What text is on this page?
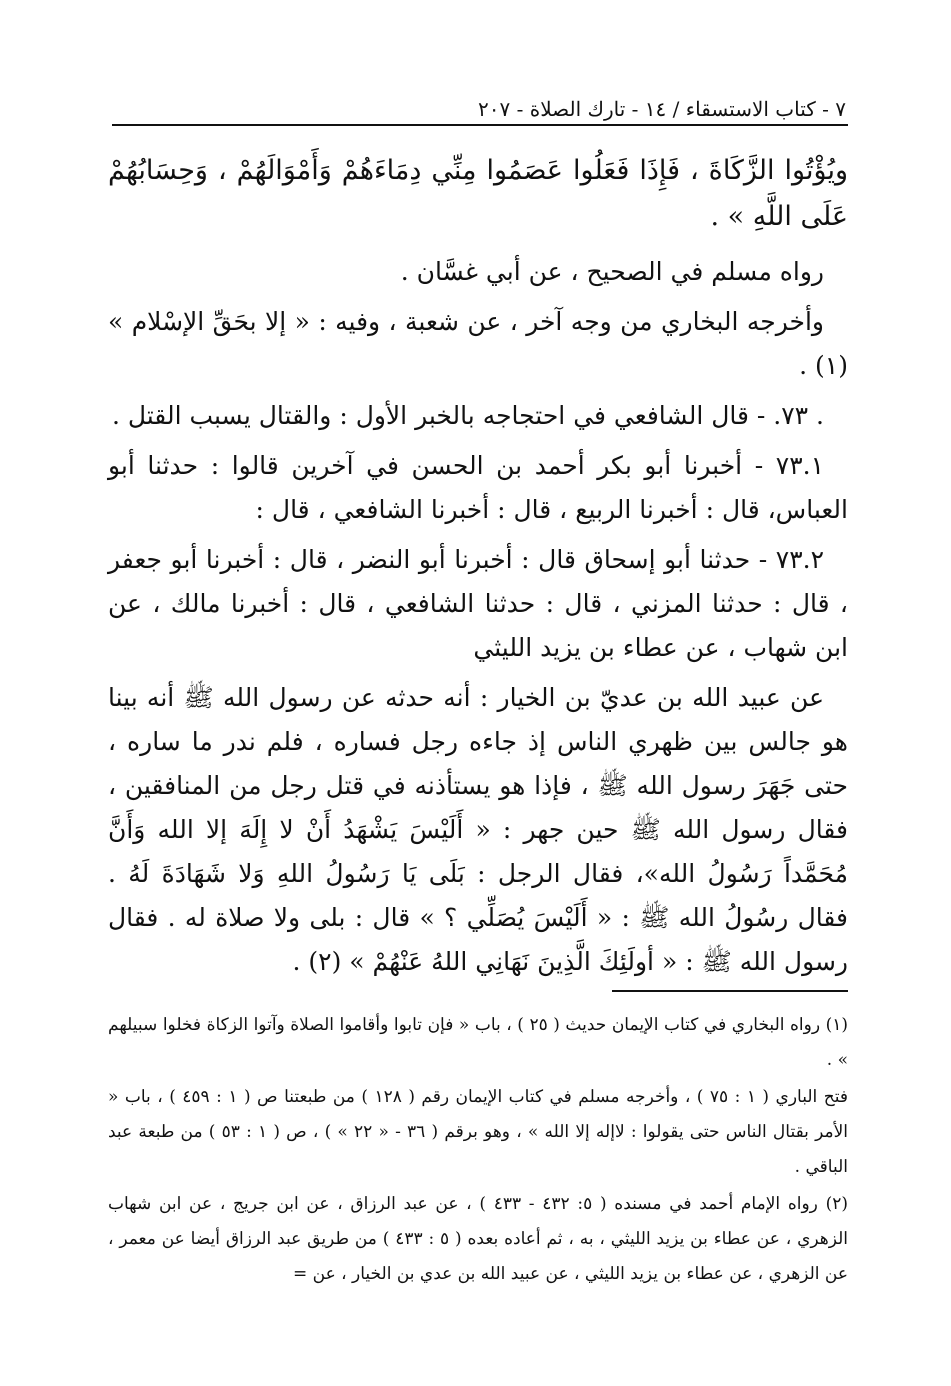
٧ - كتاب الاستسقاء / ١٤ - تارك الصلاة - ٢٠٧

ويُؤْتُوا الزَّكَاةَ ، فَإِذَا فَعَلُوا عَصَمُوا مِنِّي دِمَاءَهُمْ وَأَمْوَالَهُمْ ، وَحِسَابُهُمْ عَلَى اللَّهِ » .

رواه مسلم في الصحيح ، عن أبي غسَّان .

وأخرجه البخاري من وجه آخر ، عن شعبة ، وفيه : « إلا بحَقِّ الإسْلام » (١) .

. ٧٣. - قال الشافعي في احتجاجه بالخبر الأول : والقتال يسبب القتل .

٧٣.١ - أخبرنا أبو بكر أحمد بن الحسن في آخرين قالوا : حدثنا أبو العباس، قال : أخبرنا الربيع ، قال : أخبرنا الشافعي ، قال :

٧٣.٢ - حدثنا أبو إسحاق قال : أخبرنا أبو النضر ، قال : أخبرنا أبو جعفر ، قال : حدثنا المزني ، قال : حدثنا الشافعي ، قال : أخبرنا مالك ، عن ابن شهاب ، عن عطاء بن يزيد الليثي

عن عبيد الله بن عديّ بن الخيار : أنه حدثه عن رسول الله ﷺ أنه بينا هو جالس بين ظهري الناس إذ جاءه رجل فساره ، فلم ندر ما ساره ، حتى جَهَرَ رسول الله ﷺ ، فإذا هو يستأذنه في قتل رجل من المنافقين ، فقال رسول الله ﷺ حين جهر : « أَلَيْسَ يَشْهَدُ أَنْ لا إِلَهَ إلا الله وَأَنَّ مُحَمَّداً رَسُولُ الله»، فقال الرجل : بَلَى يَا رَسُولُ اللهِ وَلا شَهَادَةَ لَهُ . فقال رسُولُ الله ﷺ : « أَلَيْسَ يُصَلِّي ؟ » قال : بلى ولا صلاة له . فقال رسول الله ﷺ : « أولَئِكَ الَّذِينَ نَهَانِي اللهُ عَنْهُمْ » (٢) .

(١) رواه البخاري في كتاب الإيمان حديث ( ٢٥ ) ، باب « فإن تابوا وأقاموا الصلاة وآتوا الزكاة فخلوا سبيلهم » .

فتح الباري ( ١ : ٧٥ ) ، وأخرجه مسلم في كتاب الإيمان رقم ( ١٢٨ ) من طبعتنا ص ( ١ : ٤٥٩ ) ، باب « الأمر بقتال الناس حتى يقولوا : لاإله إلا الله » ، وهو برقم ( ٣٦ - « ٢٢ » ) ، ص ( ١ : ٥٣ ) من طبعة عبد الباقي .

(٢) رواه الإمام أحمد في مسنده ( ٥: ٤٣٢ - ٤٣٣ ) ، عن عبد الرزاق ، عن ابن جريج ، عن ابن شهاب الزهري ، عن عطاء بن يزيد الليثي ، به ، ثم أعاده بعده ( ٥ : ٤٣٣ ) من طريق عبد الرزاق أيضا عن معمر ، عن الزهري ، عن عطاء بن يزيد الليثي ، عن عبيد الله بن عدي بن الخيار ، عن =
